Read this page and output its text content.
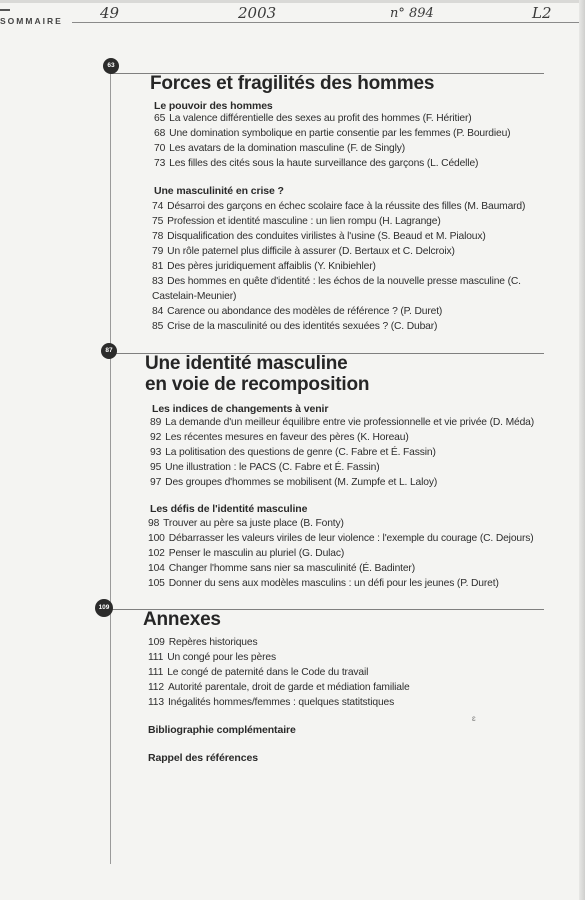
SOMMAIRE 49	2003	n° 894	L2
63
Forces et fragilités des hommes
Le pouvoir des hommes
65 La valence différentielle des sexes au profit des hommes (F. Héritier)
68 Une domination symbolique en partie consentie par les femmes (P. Bourdieu)
70 Les avatars de la domination masculine (F. de Singly)
73 Les filles des cités sous la haute surveillance des garçons (L. Cédelle)
Une masculinité en crise ?
74 Désarroi des garçons en échec scolaire face à la réussite des filles (M. Baumard)
75 Profession et identité masculine : un lien rompu (H. Lagrange)
78 Disqualification des conduites virilistes à l'usine (S. Beaud et M. Pialoux)
79 Un rôle paternel plus difficile à assurer (D. Bertaux et C. Delcroix)
81 Des pères juridiquement affaiblis (Y. Knibiehler)
83 Des hommes en quête d'identité : les échos de la nouvelle presse masculine (C. Castelain-Meunier)
84 Carence ou abondance des modèles de référence ? (P. Duret)
85 Crise de la masculinité ou des identités sexuées ? (C. Dubar)
87
Une identité masculine
en voie de recomposition
Les indices de changements à venir
89 La demande d'un meilleur équilibre entre vie professionnelle et vie privée (D. Méda)
92 Les récentes mesures en faveur des pères (K. Horeau)
93 La politisation des questions de genre (C. Fabre et É. Fassin)
95 Une illustration : le PACS (C. Fabre et É. Fassin)
97 Des groupes d'hommes se mobilisent (M. Zumpfe et L. Laloy)
Les défis de l'identité masculine
98 Trouver au père sa juste place (B. Fonty)
100 Débarrasser les valeurs viriles de leur violence : l'exemple du courage (C. Dejours)
102 Penser le masculin au pluriel (G. Dulac)
104 Changer l'homme sans nier sa masculinité (É. Badinter)
105 Donner du sens aux modèles masculins : un défi pour les jeunes (P. Duret)
109
Annexes
109 Repères historiques
111 Un congé pour les pères
111 Le congé de paternité dans le Code du travail
112 Autorité parentale, droit de garde et médiation familiale
113 Inégalités hommes/femmes : quelques statitstiques
Bibliographie complémentaire
Rappel des références
ɛ
